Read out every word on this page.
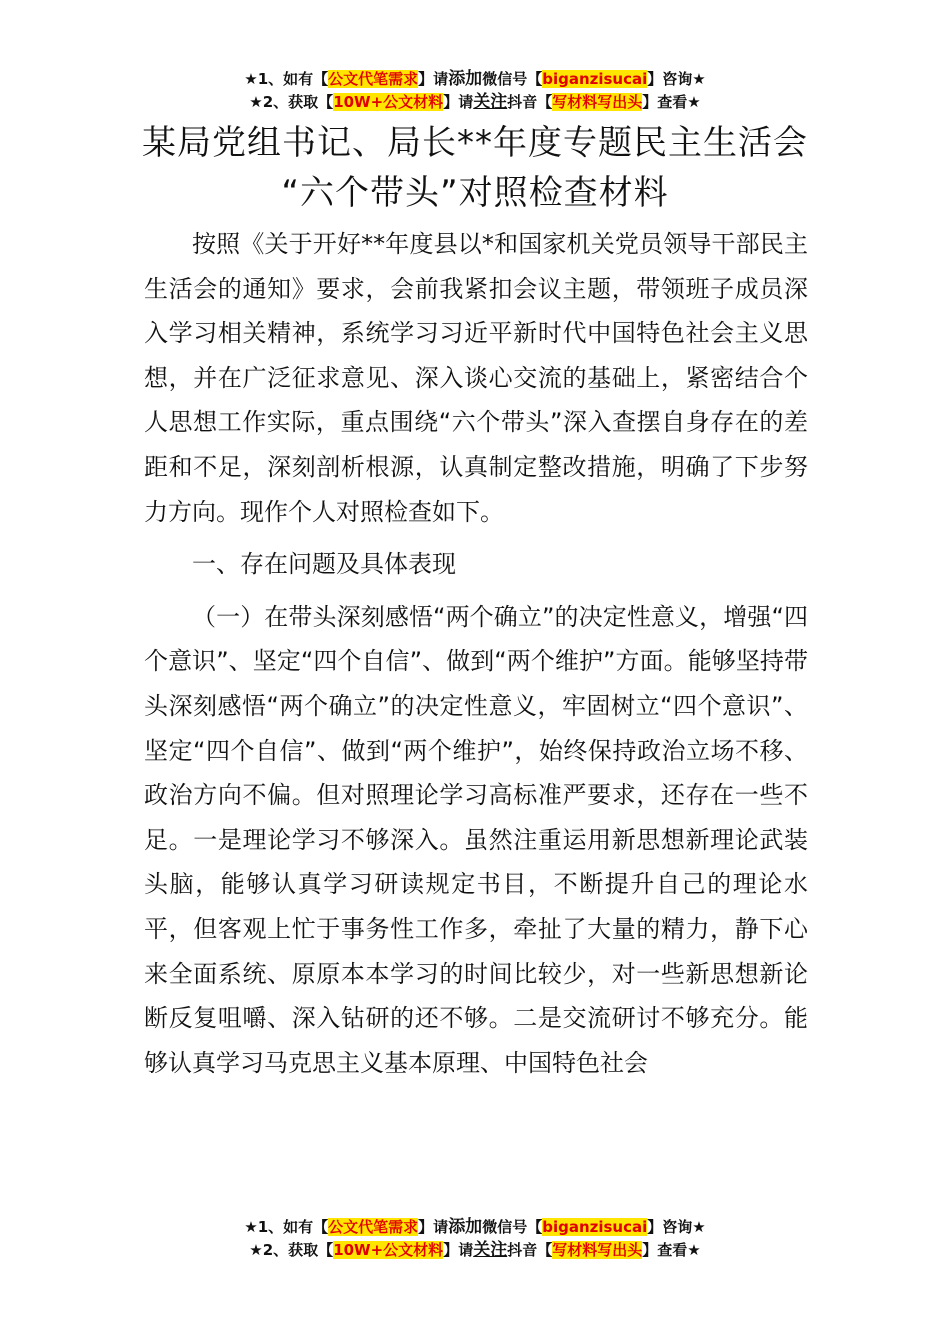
★1、如有【公文代笔需求】请添加微信号【biganzisucai】咨询★
★2、获取【10W+公文材料】请关注抖音【写材料写出头】查看★
某局党组书记、局长**年度专题民主生活会
“六个带头”对照检查材料

按照《关于开好**年度县以*和国家机关党员领导干部民主生活会的通知》要求，会前我紧扣会议主题，带领班子成员深入学习相关精神，系统学习习近平新时代中国特色社会主义思想，并在广泛征求意见、深入谈心交流的基础上，紧密结合个人思想工作实际，重点围绕“六个带头”深入查摆自身存在的差距和不足，深刻剖析根源，认真制定整改措施，明确了下步努力方向。现作个人对照检查如下。

一、存在问题及具体表现

（一）在带头深刻感悟“两个确立”的决定性意义，增强“四个意识”、坚定“四个自信”、做到“两个维护”方面。能够坚持带头深刻感悟“两个确立”的决定性意义，牢固树立“四个意识”、坚定“四个自信”、做到“两个维护”，始终保持政治立场不移、政治方向不偏。但对照理论学习高标准严要求，还存在一些不足。一是理论学习不够深入。虽然注重运用新思想新理论武装头脑，能够认真学习研读规定书目，不断提升自己的理论水平，但客观上忙于事务性工作多，牵扯了大量的精力，静下心来全面系统、原原本本学习的时间比较少，对一些新思想新论断反复咀嚼、深入钻研的还不够。二是交流研讨不够充分。能够认真学习马克思主义基本原理、中国特色社会

★1、如有【公文代笔需求】请添加微信号【biganzisucai】咨询★
★2、获取【10W+公文材料】请关注抖音【写材料写出头】查看★
